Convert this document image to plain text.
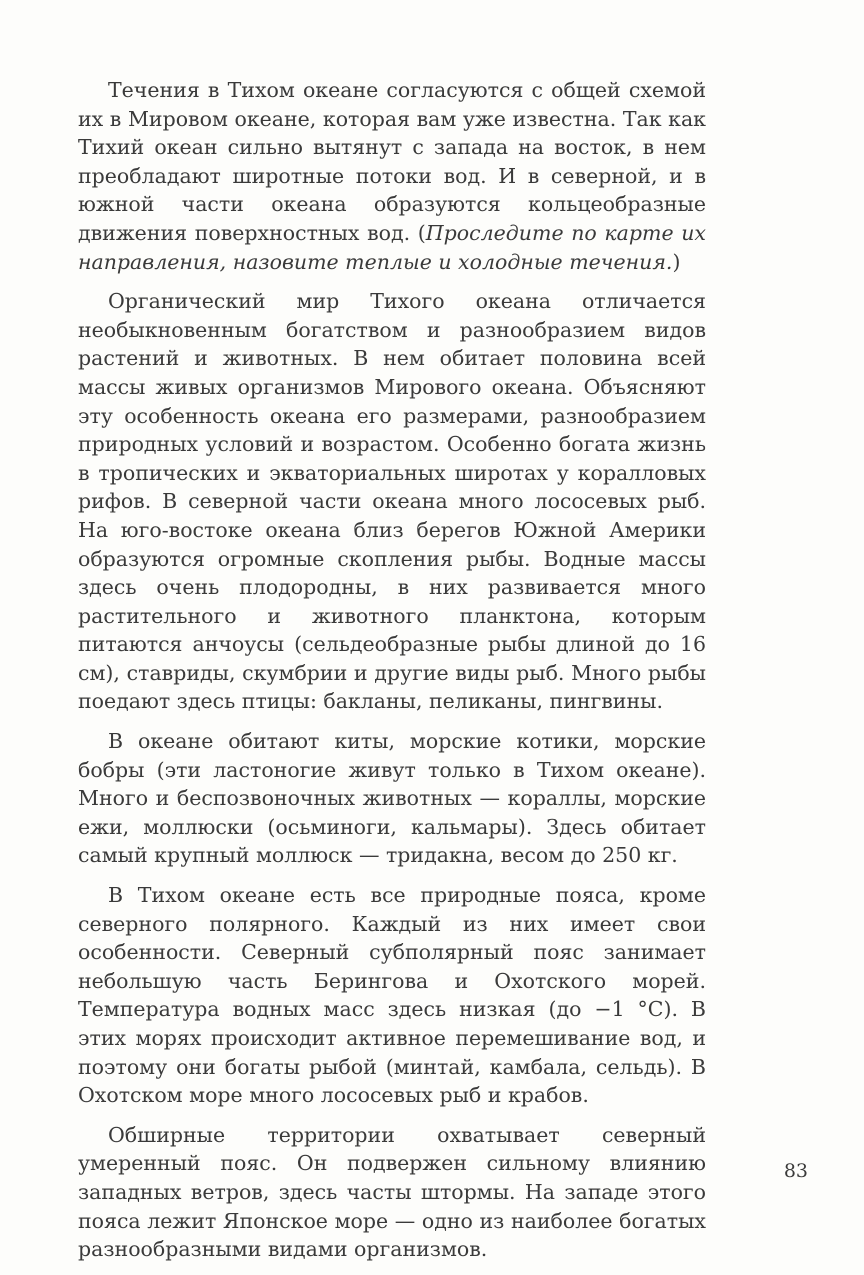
Течения в Тихом океане согласуются с общей схемой их в Мировом океане, которая вам уже известна. Так как Тихий океан сильно вытянут с запада на восток, в нем преобладают широтные потоки вод. И в северной, и в южной части океана образуются кольцеобразные движения поверхностных вод. (Проследите по карте их направления, назовите теплые и холодные течения.)

Органический мир Тихого океана отличается необыкновенным богатством и разнообразием видов растений и животных. В нем обитает половина всей массы живых организмов Мирового океана. Объясняют эту особенность океана его размерами, разнообразием природных условий и возрастом. Особенно богата жизнь в тропических и экваториальных широтах у коралловых рифов. В северной части океана много лососевых рыб. На юго-востоке океана близ берегов Южной Америки образуются огромные скопления рыбы. Водные массы здесь очень плодородны, в них развивается много растительного и животного планктона, которым питаются анчоусы (сельдеобразные рыбы длиной до 16 см), ставриды, скумбрии и другие виды рыб. Много рыбы поедают здесь птицы: бакланы, пеликаны, пингвины.

В океане обитают киты, морские котики, морские бобры (эти ластоногие живут только в Тихом океане). Много и беспозвоночных животных — кораллы, морские ежи, моллюски (осьминоги, кальмары). Здесь обитает самый крупный моллюск — тридакна, весом до 250 кг.

В Тихом океане есть все природные пояса, кроме северного полярного. Каждый из них имеет свои особенности. Северный субполярный пояс занимает небольшую часть Берингова и Охотского морей. Температура водных масс здесь низкая (до −1 °С). В этих морях происходит активное перемешивание вод, и поэтому они богаты рыбой (минтай, камбала, сельдь). В Охотском море много лососевых рыб и крабов.

Обширные территории охватывает северный умеренный пояс. Он подвержен сильному влиянию западных ветров, здесь часты штормы. На западе этого пояса лежит Японское море — одно из наиболее богатых разнообразными видами организмов.

83
